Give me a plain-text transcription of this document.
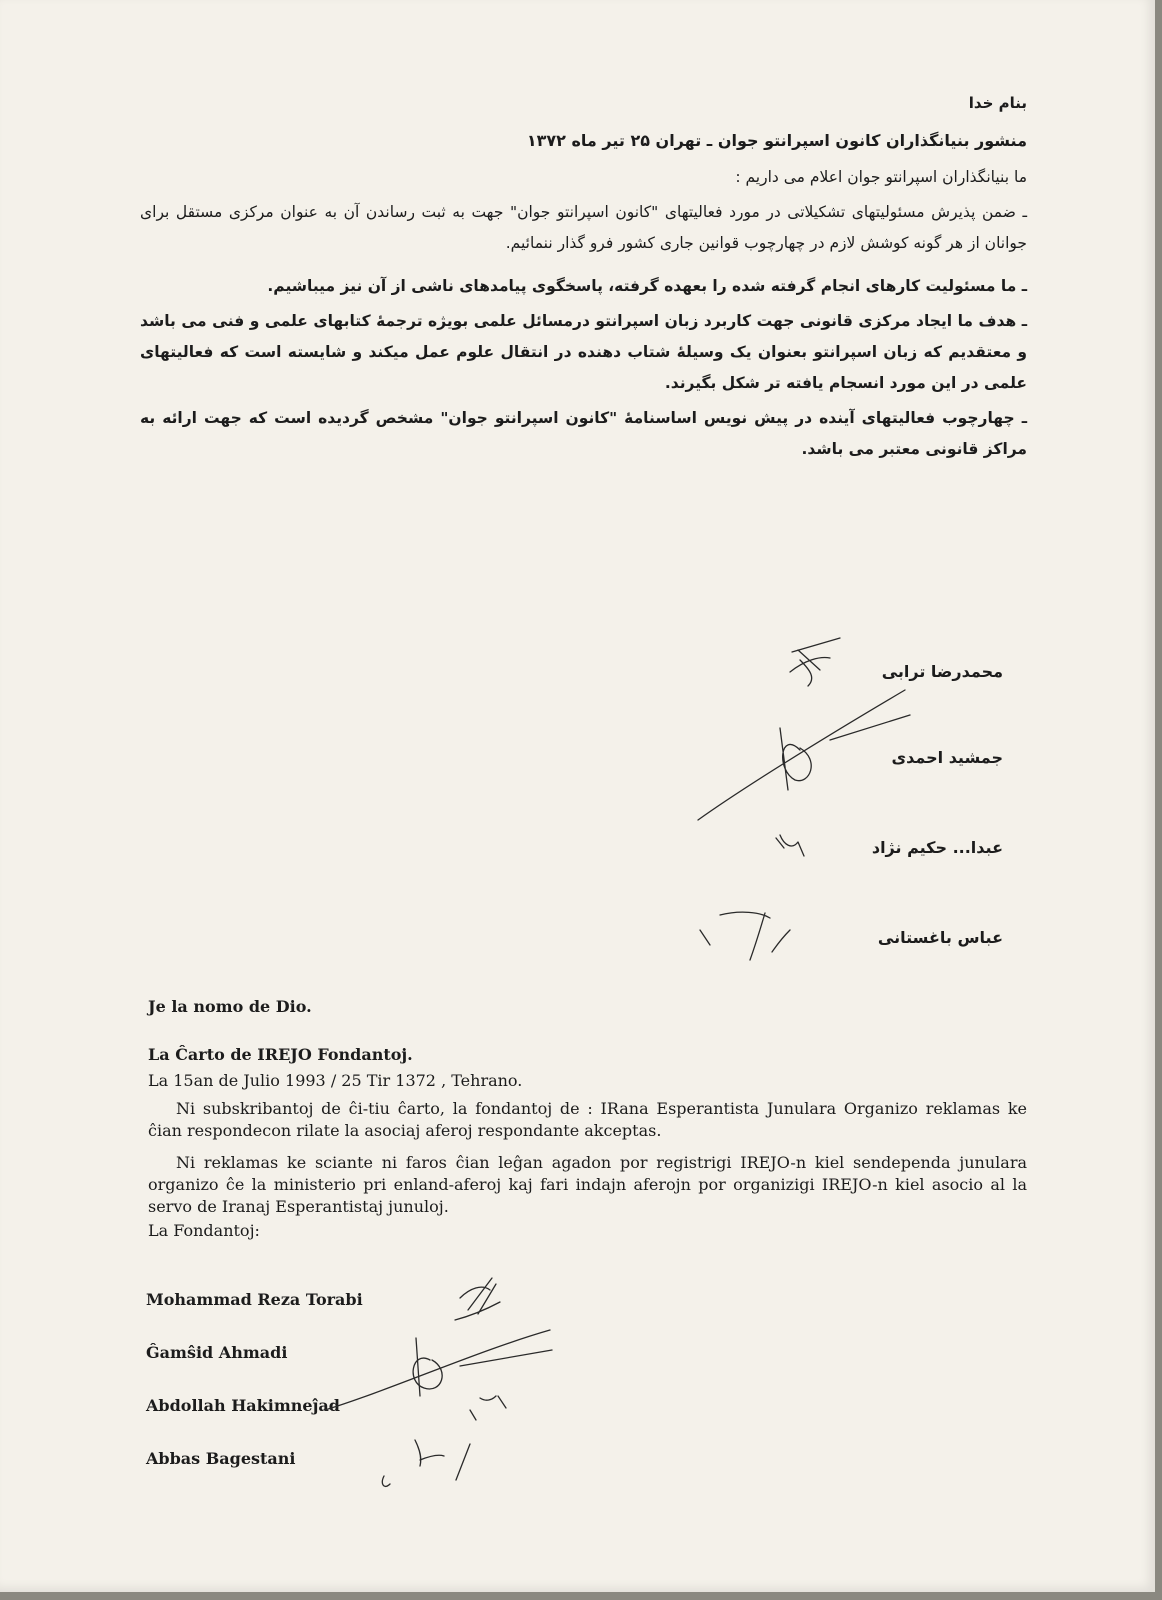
بنام خدا

منشور بنیانگذاران کانون اسپرانتو جوان ـ تهران ۲۵ تیر ماه ۱۳۷۲

ما بنیانگذاران اسپرانتو جوان اعلام می داریم :

ـ ضمن پذیرش مسئولیتهای تشکیلاتی در مورد فعالیتهای "کانون اسپرانتو جوان" جهت به ثبت رساندن آن به عنوان مرکزی مستقل برای جوانان از هر گونه کوشش لازم در چهارچوب قوانین جاری کشور فرو گذار ننمائیم.

ـ ما مسئولیت کارهای انجام گرفته شده را بعهده گرفته، پاسخگوی پیامدهای ناشی از آن نیز میباشیم.

ـ هدف ما ایجاد مرکزی قانونی جهت کاربرد زبان اسپرانتو درمسائل علمی بویژه ترجمهٔ کتابهای علمی و فنی می باشد و معتقدیم که زبان اسپرانتو بعنوان یک وسیلهٔ شتاب دهنده در انتقال علوم عمل میکند و شایسته است که فعالیتهای علمی در این مورد انسجام یافته تر شکل بگیرند.

ـ چهارچوب فعالیتهای آینده در پیش نویس اساسنامهٔ "کانون اسپرانتو جوان" مشخص گردیده است که جهت ارائه به مراکز قانونی معتبر می باشد.

محمدرضا ترابی
جمشید احمدی
عبدا... حکیم نژاد
عباس باغستانی

Je la nomo de Dio.

La Ĉarto de IREJO Fondantoj.

La 15an de Julio 1993 / 25 Tir 1372 , Tehrano.

Ni subskribantoj de ĉi-tiu ĉarto, la fondantoj de : IRana Esperantista Junulara Organizo reklamas ke ĉian respondecon rilate la asociaj aferoj respondante akceptas.

Ni reklamas ke sciante ni faros ĉian leĝan agadon por registrigi IREJO-n kiel sendependa junulara organizo ĉe la ministerio pri enland-aferoj kaj fari indajn aferojn por organizigi IREJO-n kiel asocio al la servo de Iranaj Esperantistaj junuloj.

La Fondantoj:

Mohammad Reza Torabi
Ĝamŝid Ahmadi
Abdollah Hakimneĵad
Abbas Bagestani
